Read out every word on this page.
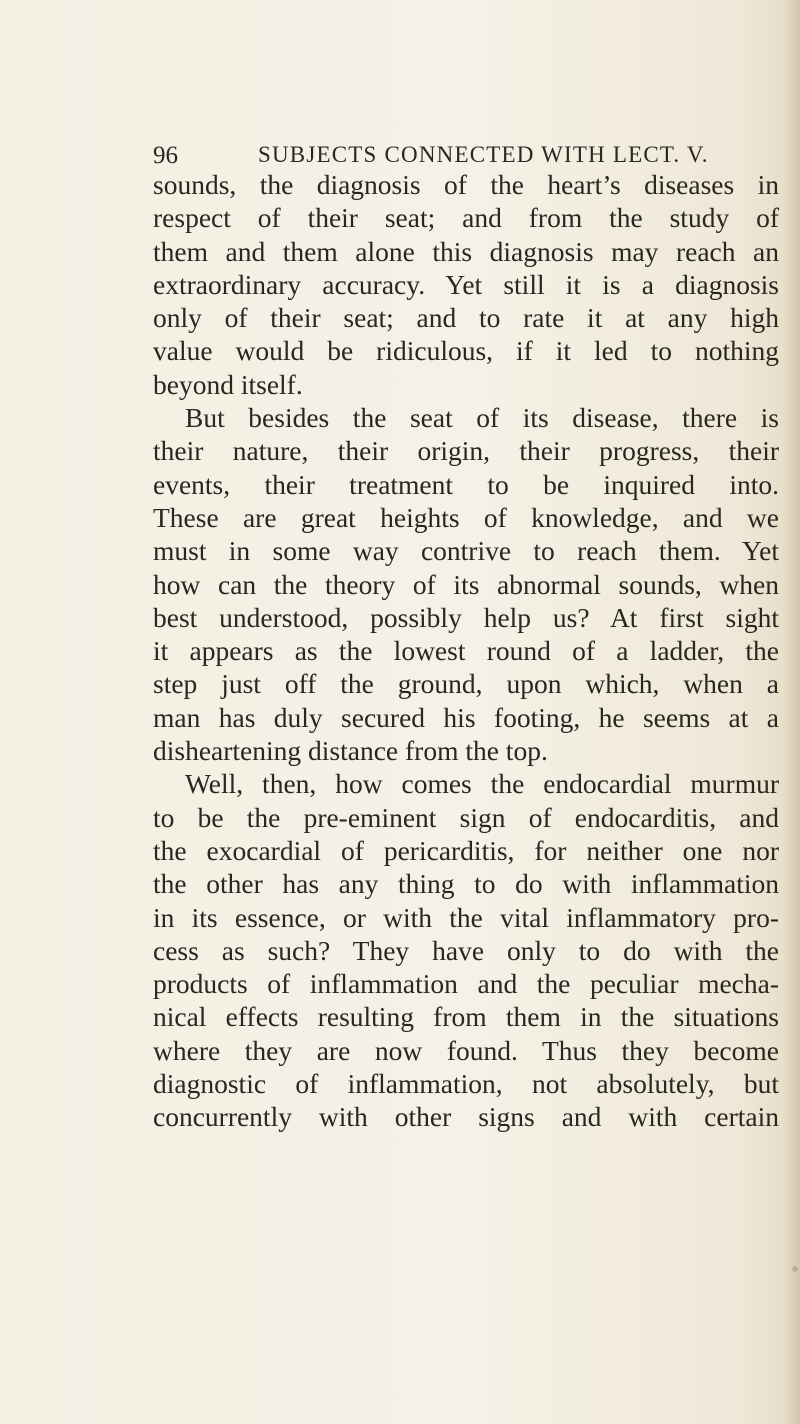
96	SUBJECTS CONNECTED WITH LECT. V.
sounds, the diagnosis of the heart’s diseases in
respect of their seat; and from the study of
them and them alone this diagnosis may reach an
extraordinary accuracy. Yet still it is a diagnosis
only of their seat; and to rate it at any high
value would be ridiculous, if it led to nothing
beyond itself.
But besides the seat of its disease, there is
their nature, their origin, their progress, their
events, their treatment to be inquired into.
These are great heights of knowledge, and we
must in some way contrive to reach them. Yet
how can the theory of its abnormal sounds, when
best understood, possibly help us? At first sight
it appears as the lowest round of a ladder, the
step just off the ground, upon which, when a
man has duly secured his footing, he seems at a
disheartening distance from the top.
Well, then, how comes the endocardial murmur
to be the pre-eminent sign of endocarditis, and
the exocardial of pericarditis, for neither one nor
the other has any thing to do with inflammation
in its essence, or with the vital inflammatory pro-
cess as such? They have only to do with the
products of inflammation and the peculiar mecha-
nical effects resulting from them in the situations
where they are now found. Thus they become
diagnostic of inflammation, not absolutely, but
concurrently with other signs and with certain
